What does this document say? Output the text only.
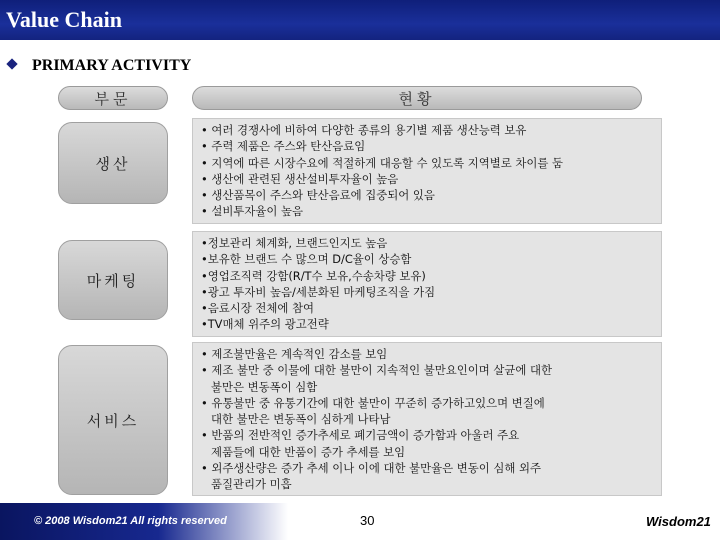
Value Chain
PRIMARY ACTIVITY
부문	현황
생산
• 여러 경쟁사에 비하여 다양한 종류의 용기별 제품 생산능력 보유
• 주력 제품은 주스와 탄산음료임
• 지역에 따른 시장수요에 적절하게 대응할 수 있도록 지역별로 차이를 둠
• 생산에 관련된 생산설비투자율이 높음
• 생산품목이 주스와 탄산음료에 집중되어 있음
• 설비투자율이 높음
마케팅
•정보관리 체계화, 브랜드인지도 높음
•보유한 브랜드 수 많으며 D/C율이 상승함
•영업조직력 강함(R/T수 보유,수송차량 보유)
•광고 투자비 높음/세분화된 마케팅조직을 가짐
•음료시장 전체에 참여
•TV매체 위주의 광고전략
서비스
• 제조불만율은 계속적인 감소를 보임
• 제조 불만 중 이물에 대한 불만이 지속적인 불만요인이며 살균에 대한
불만은 변동폭이 심함
• 유통불만 중 유통기간에 대한 불만이 꾸준히 증가하고있으며 변질에
대한 불만은 변동폭이 심하게 나타남
• 반품의 전반적인 증가추세로 폐기금액이 증가함과 아울러 주요
제품들에 대한 반품이 증가 추세를 보임
• 외주생산량은 증가 추세 이나 이에 대한 불만율은 변동이 심해 외주
품질관리가 미흡
© 2008 Wisdom21 All rights reserved	30	Wisdom21
